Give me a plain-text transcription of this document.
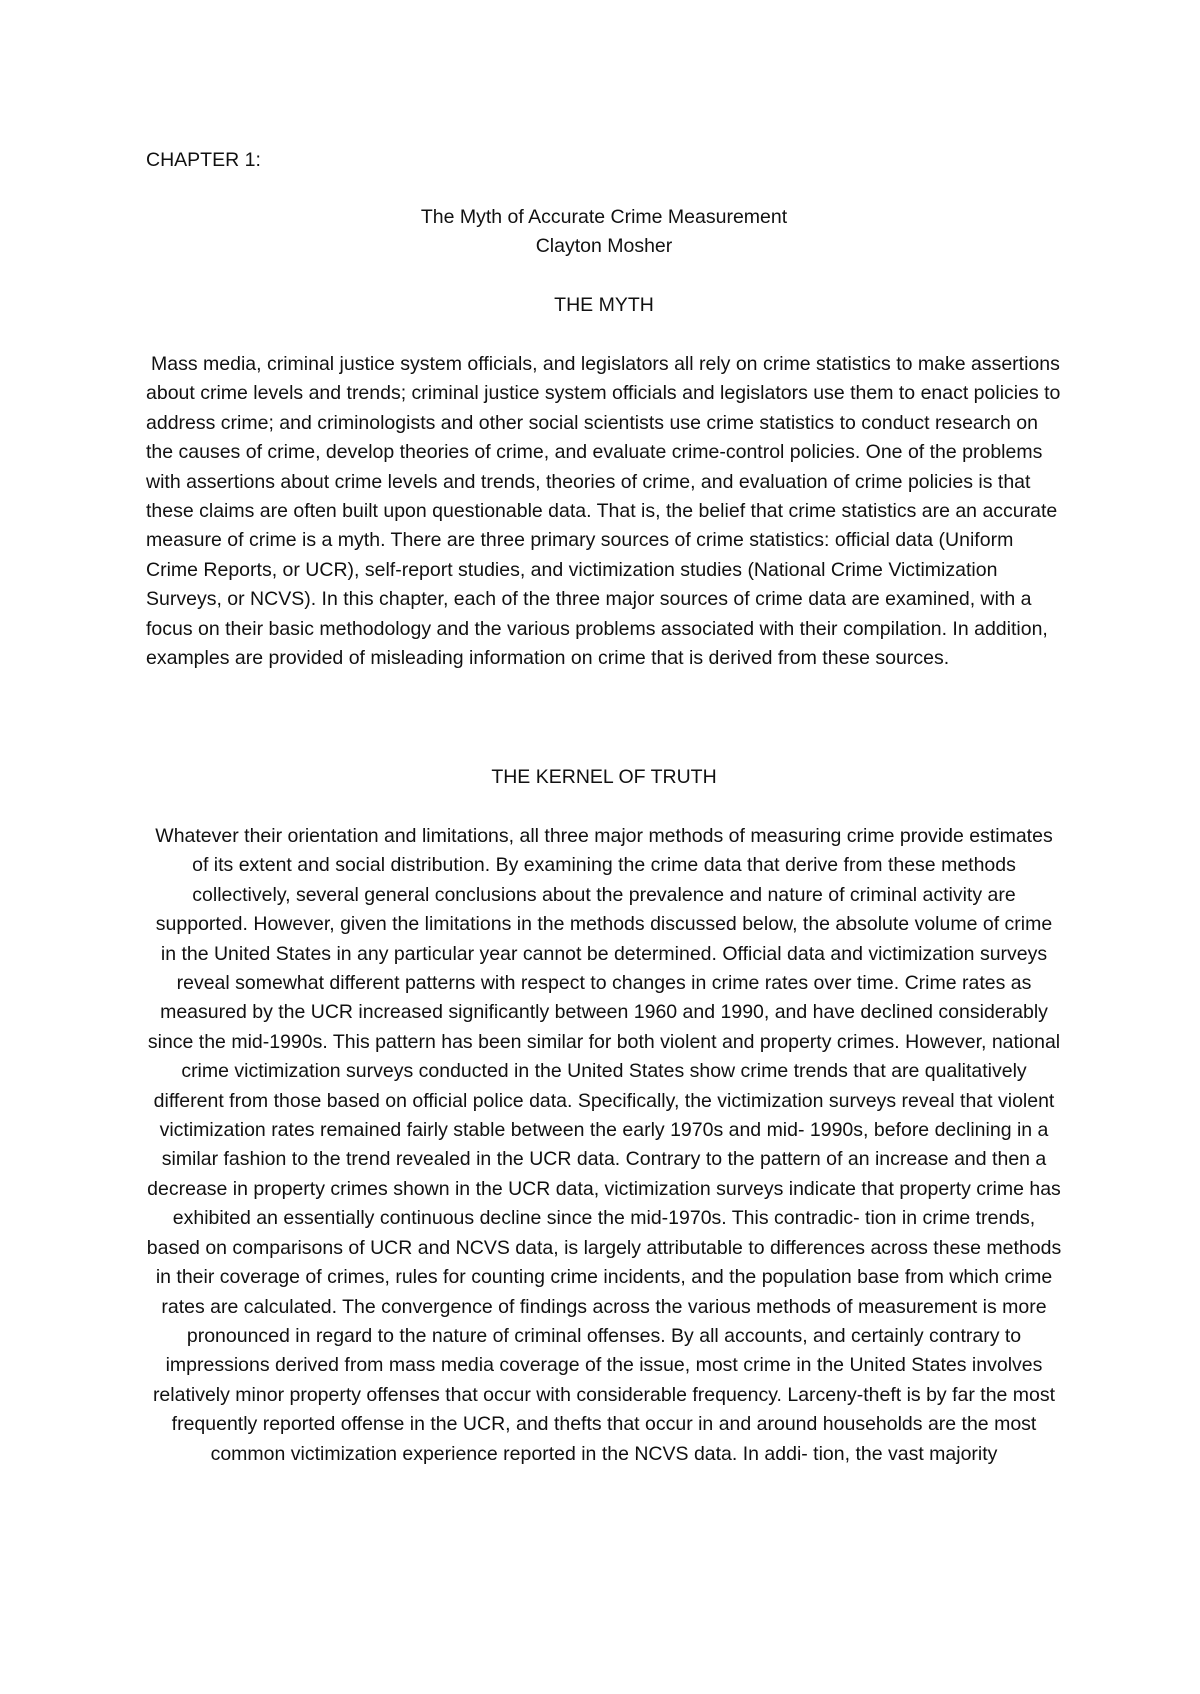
CHAPTER 1:

The Myth of Accurate Crime Measurement
Clayton Mosher
THE MYTH

Mass media, criminal justice system officials, and legislators all rely on crime statistics to make assertions about crime levels and trends; criminal justice system officials and legislators use them to enact policies to address crime; and criminologists and other social scientists use crime statistics to conduct research on the causes of crime, develop theories of crime, and evaluate crime-control policies. One of the problems with assertions about crime levels and trends, theories of crime, and evaluation of crime policies is that these claims are often built upon questionable data. That is, the belief that crime statistics are an accurate measure of crime is a myth. There are three primary sources of crime statistics: official data (Uniform Crime Reports, or UCR), self-report studies, and victimization studies (National Crime Victimization Surveys, or NCVS). In this chapter, each of the three major sources of crime data are examined, with a focus on their basic methodology and the various problems associated with their compilation. In addition, examples are provided of misleading information on crime that is derived from these sources.

THE KERNEL OF TRUTH

Whatever their orientation and limitations, all three major methods of measuring crime provide estimates of its extent and social distribution. By examining the crime data that derive from these methods collectively, several general conclusions about the prevalence and nature of criminal activity are supported. However, given the limitations in the methods discussed below, the absolute volume of crime in the United States in any particular year cannot be determined. Official data and victimization surveys reveal somewhat different patterns with respect to changes in crime rates over time. Crime rates as measured by the UCR increased significantly between 1960 and 1990, and have declined considerably since the mid-1990s. This pattern has been similar for both violent and property crimes. However, national crime victimization surveys conducted in the United States show crime trends that are qualitatively different from those based on official police data. Specifically, the victimization surveys reveal that violent victimization rates remained fairly stable between the early 1970s and mid- 1990s, before declining in a similar fashion to the trend revealed in the UCR data. Contrary to the pattern of an increase and then a decrease in property crimes shown in the UCR data, victimization surveys indicate that property crime has exhibited an essentially continuous decline since the mid-1970s. This contradic- tion in crime trends, based on comparisons of UCR and NCVS data, is largely attributable to differences across these methods in their coverage of crimes, rules for counting crime incidents, and the population base from which crime rates are calculated. The convergence of findings across the various methods of measurement is more pronounced in regard to the nature of criminal offenses. By all accounts, and certainly contrary to impressions derived from mass media coverage of the issue, most crime in the United States involves relatively minor property offenses that occur with considerable frequency. Larceny-theft is by far the most frequently reported offense in the UCR, and thefts that occur in and around households are the most common victimization experience reported in the NCVS data. In addi- tion, the vast majority
